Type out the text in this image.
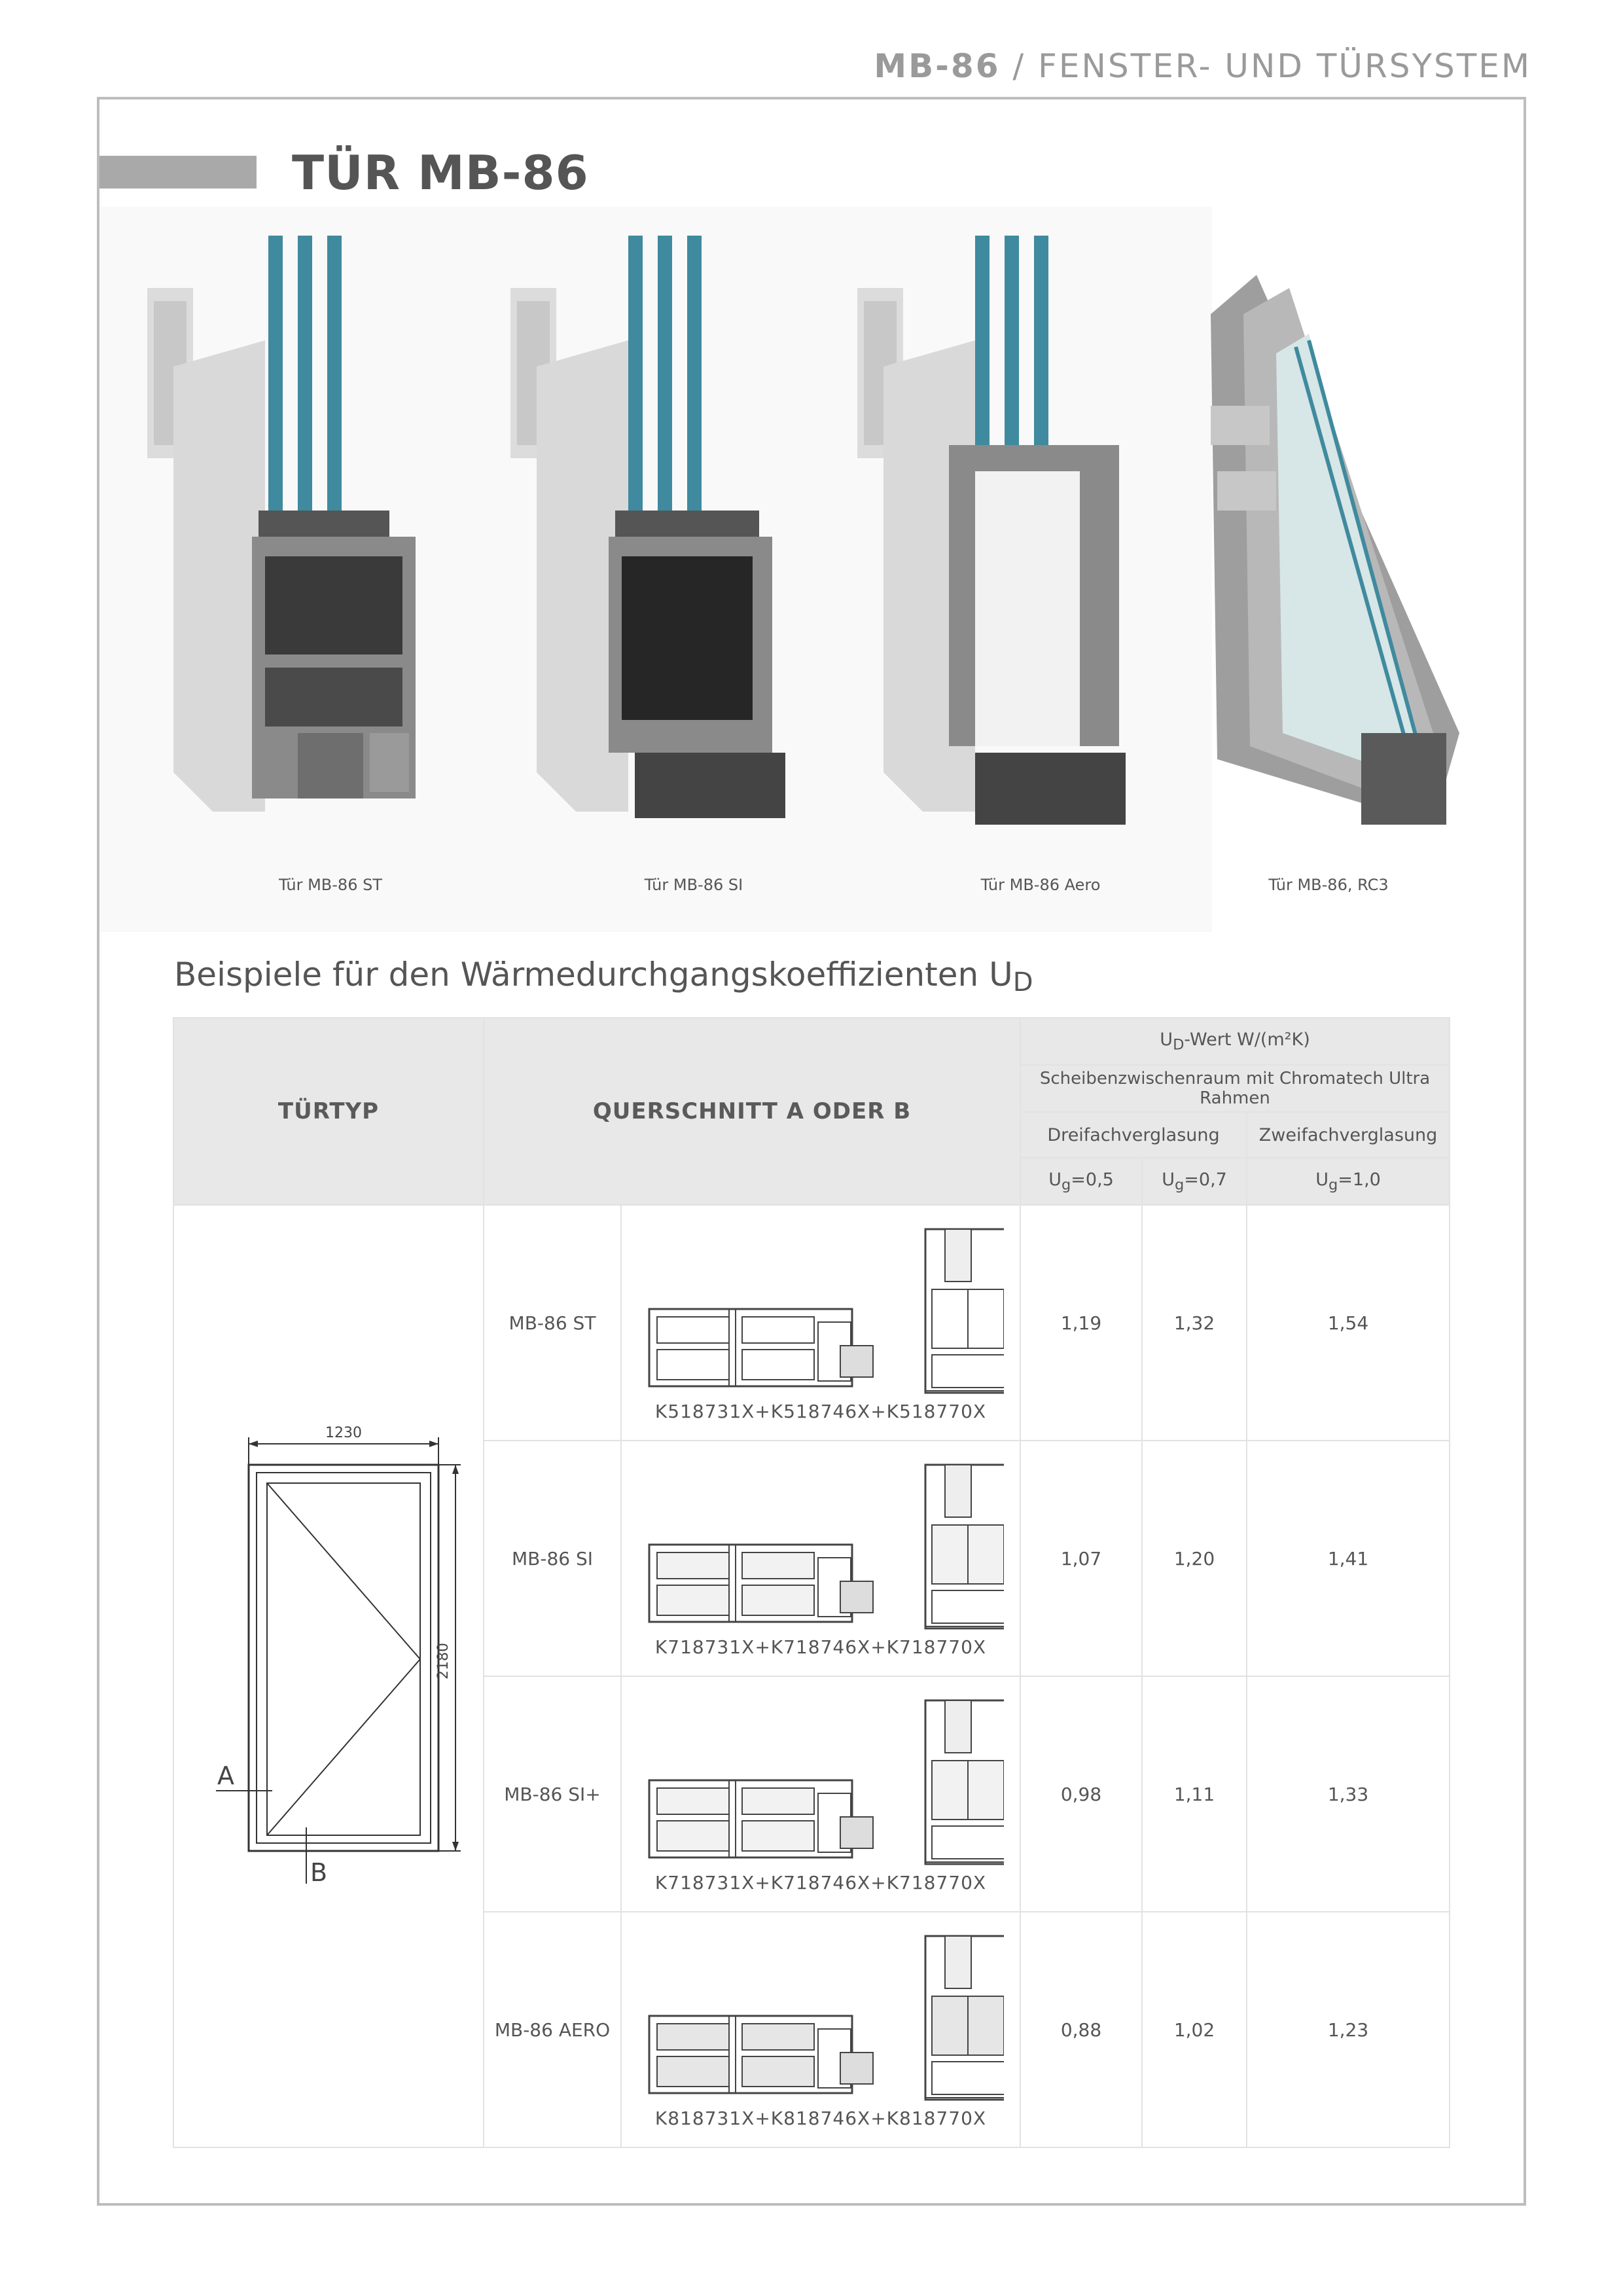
MB-86 / FENSTER- UND TÜRSYSTEM
TÜR MB-86
Tür MB-86 ST	Tür MB-86 SI	Tür MB-86 Aero	Tür MB-86, RC3
Beispiele für den Wärmedurchgangskoeffizienten $U_D$
TÜRTYP	QUERSCHNITT A ODER B		$U_D$-Wert W/(m²K)		
			Scheibenzwischenraum mit Chromatech Ultra Rahmen		
			Dreifachverglasung		Zweifachverglasung
			$U_g=0,5$	$U_g=0,7$	$U_g=1,0$

1230
2180
A
B	MB-86 ST	K518731X+K518746X+K518770X	1,19	1,32	1,54
	MB-86 SI	K718731X+K718746X+K718770X	1,07	1,20	1,41
	MB-86 SI+	K718731X+K718746X+K718770X	0,98	1,11	1,33
	MB-86 AERO	K818731X+K818746X+K818770X	0,88	1,02	1,23
